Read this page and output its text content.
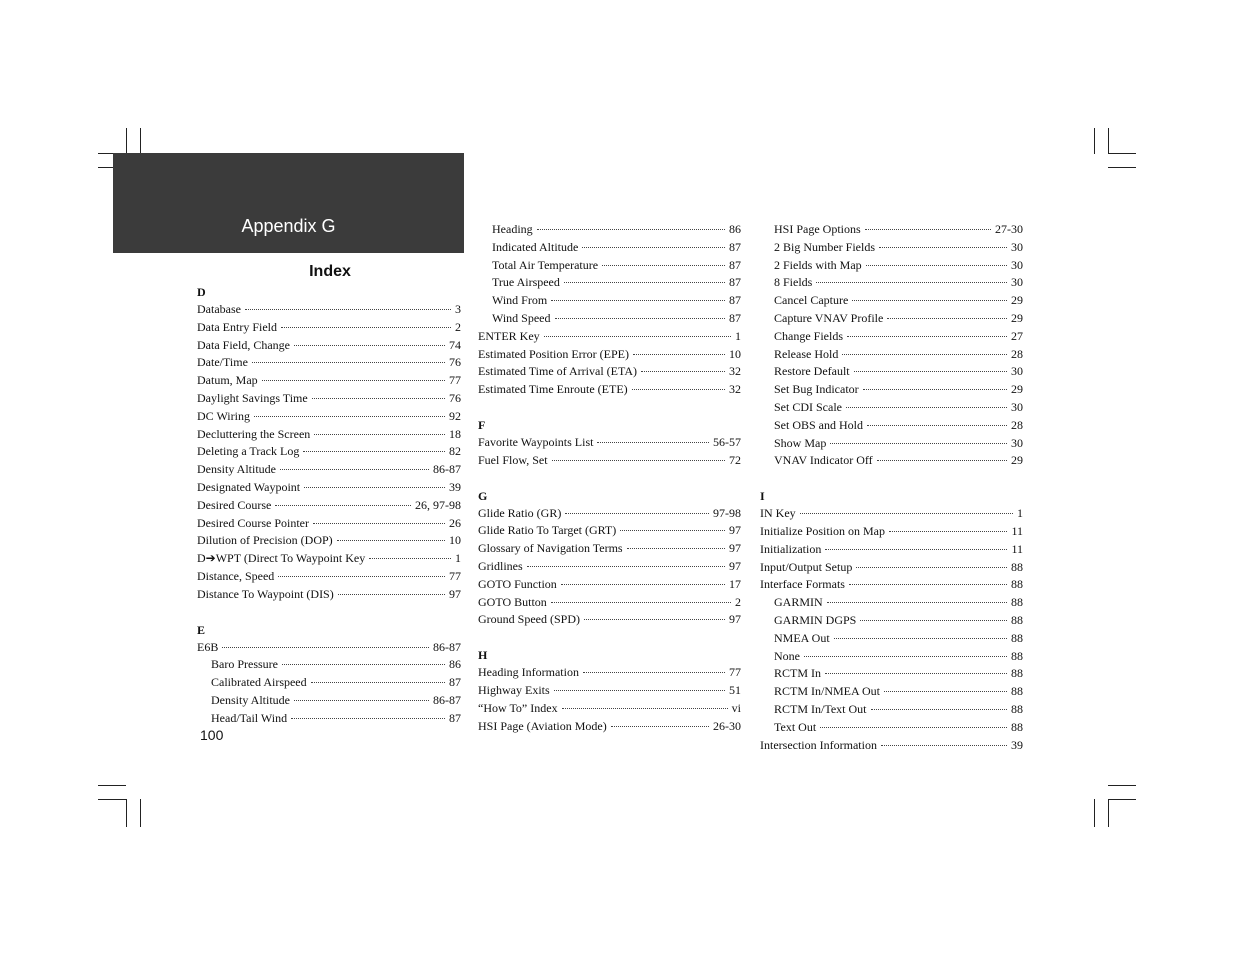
Appendix G
Index
D
Database	3
Data Entry Field	2
Data Field, Change	74
Date/Time	76
Datum, Map	77
Daylight Savings Time	76
DC Wiring	92
Decluttering the Screen	18
Deleting a Track Log	82
Density Altitude	86-87
Designated Waypoint	39
Desired Course	26, 97-98
Desired Course Pointer	26
Dilution of Precision (DOP)	10
D➔WPT (Direct To Waypoint Key	1
Distance, Speed	77
Distance To Waypoint (DIS)	97
E
E6B	86-87
Baro Pressure	86
Calibrated Airspeed	87
Density Altitude	86-87
Head/Tail Wind	87
Heading	86
Indicated Altitude	87
Total Air Temperature	87
True Airspeed	87
Wind From	87
Wind Speed	87
ENTER Key	1
Estimated Position Error (EPE)	10
Estimated Time of Arrival (ETA)	32
Estimated Time Enroute (ETE)	32
F
Favorite Waypoints List	56-57
Fuel Flow, Set	72
G
Glide Ratio (GR)	97-98
Glide Ratio To Target (GRT)	97
Glossary of Navigation Terms	97
Gridlines	97
GOTO Function	17
GOTO Button	2
Ground Speed (SPD)	97
H
Heading Information	77
Highway Exits	51
“How To” Index	vi
HSI Page (Aviation Mode)	26-30
HSI Page Options	27-30
2 Big Number Fields	30
2 Fields with Map	30
8 Fields	30
Cancel Capture	29
Capture VNAV Profile	29
Change Fields	27
Release Hold	28
Restore Default	30
Set Bug Indicator	29
Set CDI Scale	30
Set OBS and Hold	28
Show Map	30
VNAV Indicator Off	29
I
IN Key	1
Initialize Position on Map	11
Initialization	11
Input/Output Setup	88
Interface Formats	88
GARMIN	88
GARMIN DGPS	88
NMEA Out	88
None	88
RCTM In	88
RCTM In/NMEA Out	88
RCTM In/Text Out	88
Text Out	88
Intersection Information	39
100
